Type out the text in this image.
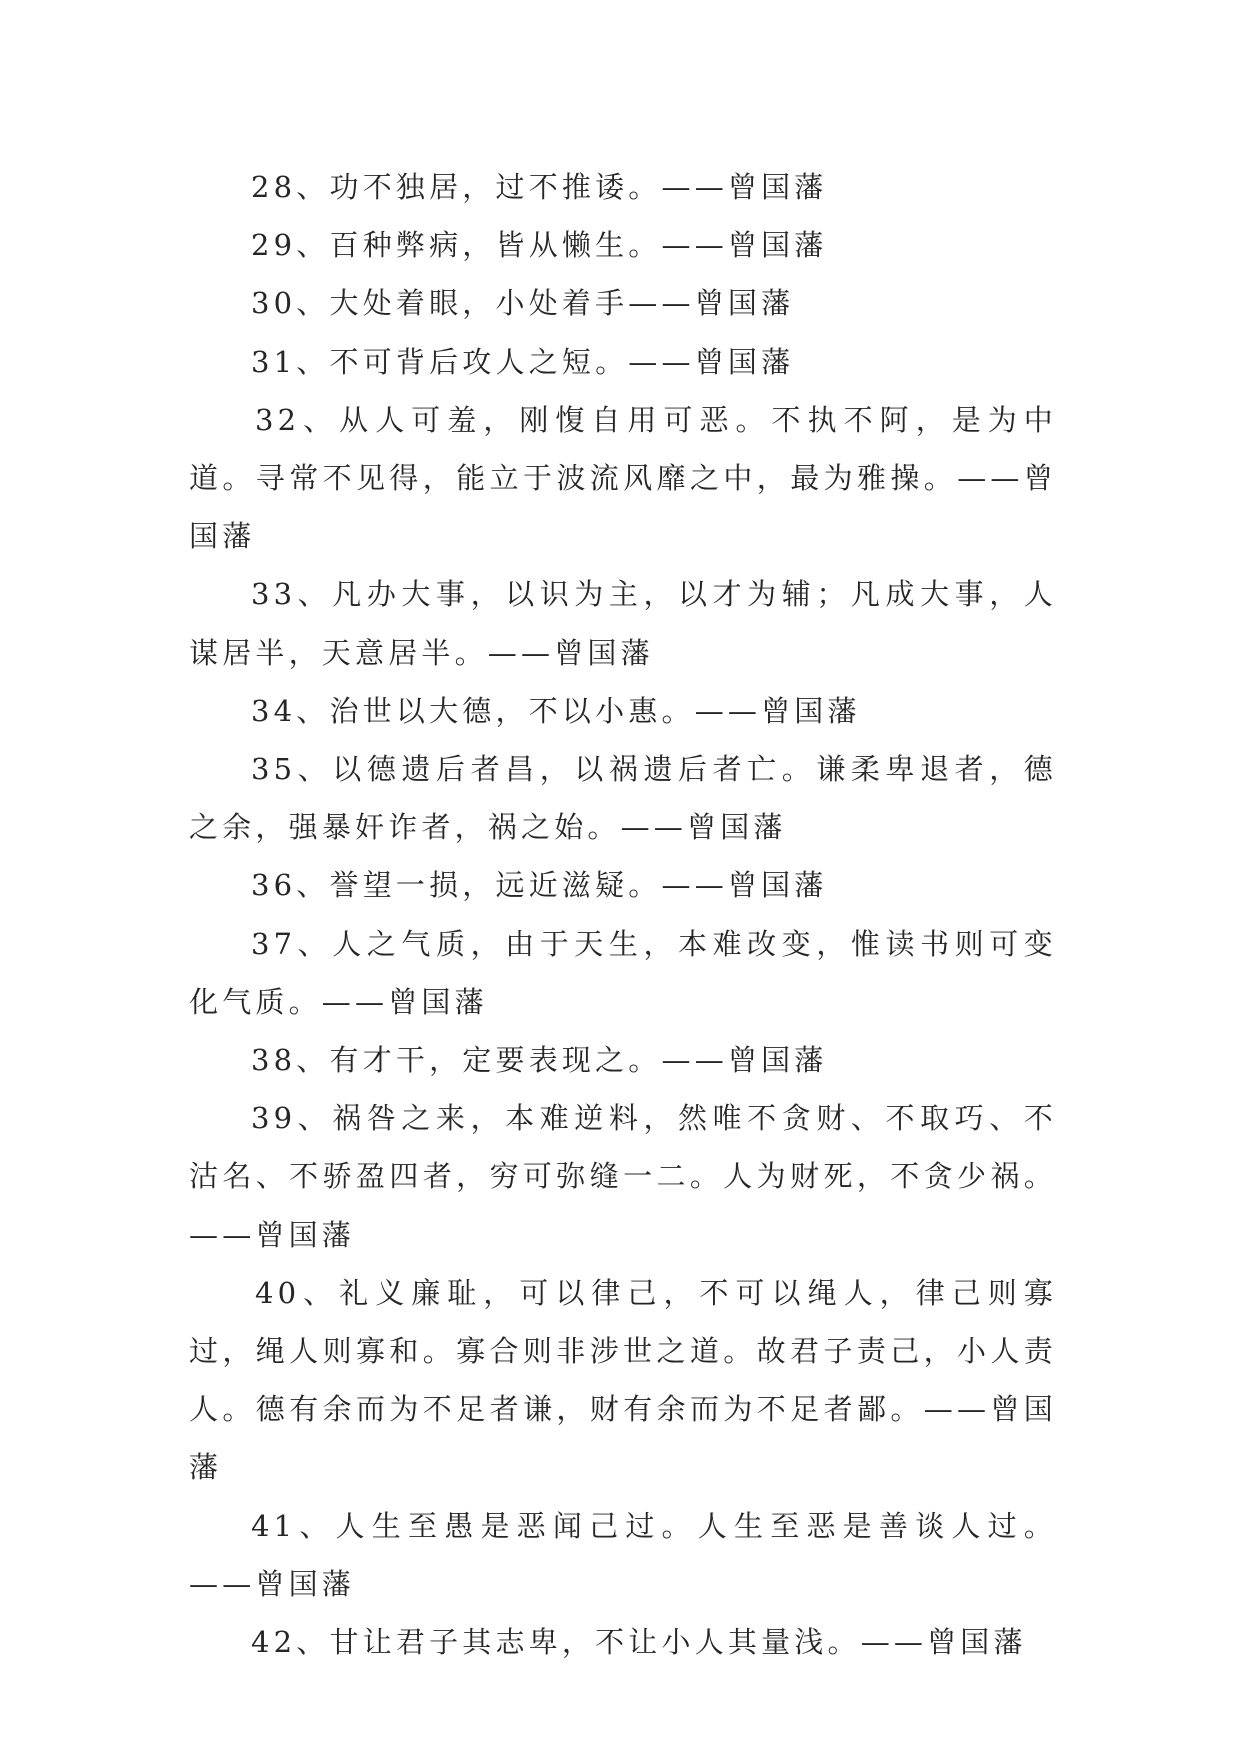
28、功不独居，过不推诿。——曾国藩

29、百种弊病，皆从懒生。——曾国藩

30、大处着眼，小处着手——曾国藩

31、不可背后攻人之短。——曾国藩

32、从人可羞，刚愎自用可恶。不执不阿，是为中道。寻常不见得，能立于波流风靡之中，最为雅操。——曾国藩

33、凡办大事，以识为主，以才为辅；凡成大事，人谋居半，天意居半。——曾国藩

34、治世以大德，不以小惠。——曾国藩

35、以德遗后者昌，以祸遗后者亡。谦柔卑退者，德之余，强暴奸诈者，祸之始。——曾国藩

36、誉望一损，远近滋疑。——曾国藩

37、人之气质，由于天生，本难改变，惟读书则可变化气质。——曾国藩

38、有才干，定要表现之。——曾国藩

39、祸咎之来，本难逆料，然唯不贪财、不取巧、不沽名、不骄盈四者，穷可弥缝一二。人为财死，不贪少祸。——曾国藩

40、礼义廉耻，可以律己，不可以绳人，律己则寡过，绳人则寡和。寡合则非涉世之道。故君子责己，小人责人。德有余而为不足者谦，财有余而为不足者鄙。——曾国藩

41、人生至愚是恶闻己过。人生至恶是善谈人过。——曾国藩

42、甘让君子其志卑，不让小人其量浅。——曾国藩
